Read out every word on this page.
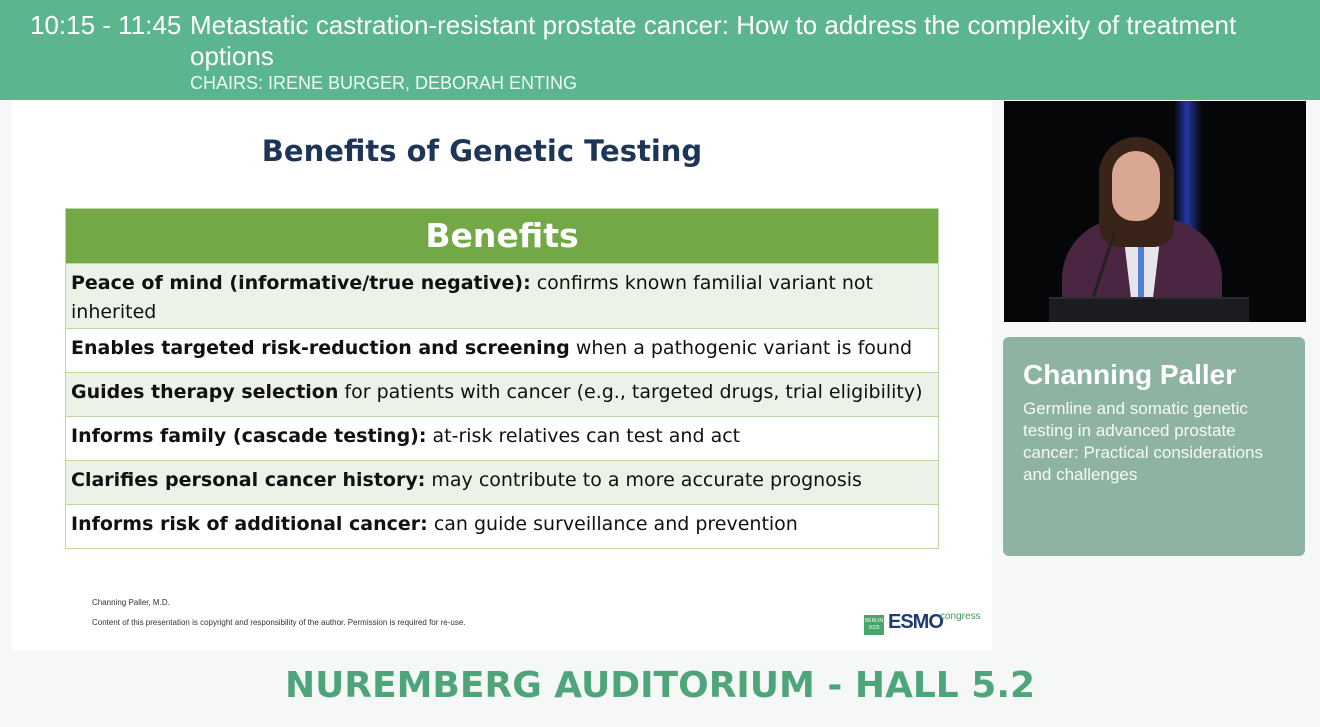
10:15 - 11:45 Metastatic castration-resistant prostate cancer: How to address the complexity of treatment options
CHAIRS: IRENE BURGER, DEBORAH ENTING
Benefits of Genetic Testing
Benefits
Peace of mind (informative/true negative): confirms known familial variant not inherited
Enables targeted risk-reduction and screening when a pathogenic variant is found
Guides therapy selection for patients with cancer (e.g., targeted drugs, trial eligibility)
Informs family (cascade testing): at-risk relatives can test and act
Clarifies personal cancer history: may contribute to a more accurate prognosis
Informs risk of additional cancer: can guide surveillance and prevention
Channing Paller, M.D.
Content of this presentation is copyright and responsibility of the author. Permission is required for re-use.	BERLIN 2025 ESMO
congress
Channing Paller
Germline and somatic genetic testing in advanced prostate cancer: Practical considerations and challenges
NUREMBERG AUDITORIUM - HALL 5.2
